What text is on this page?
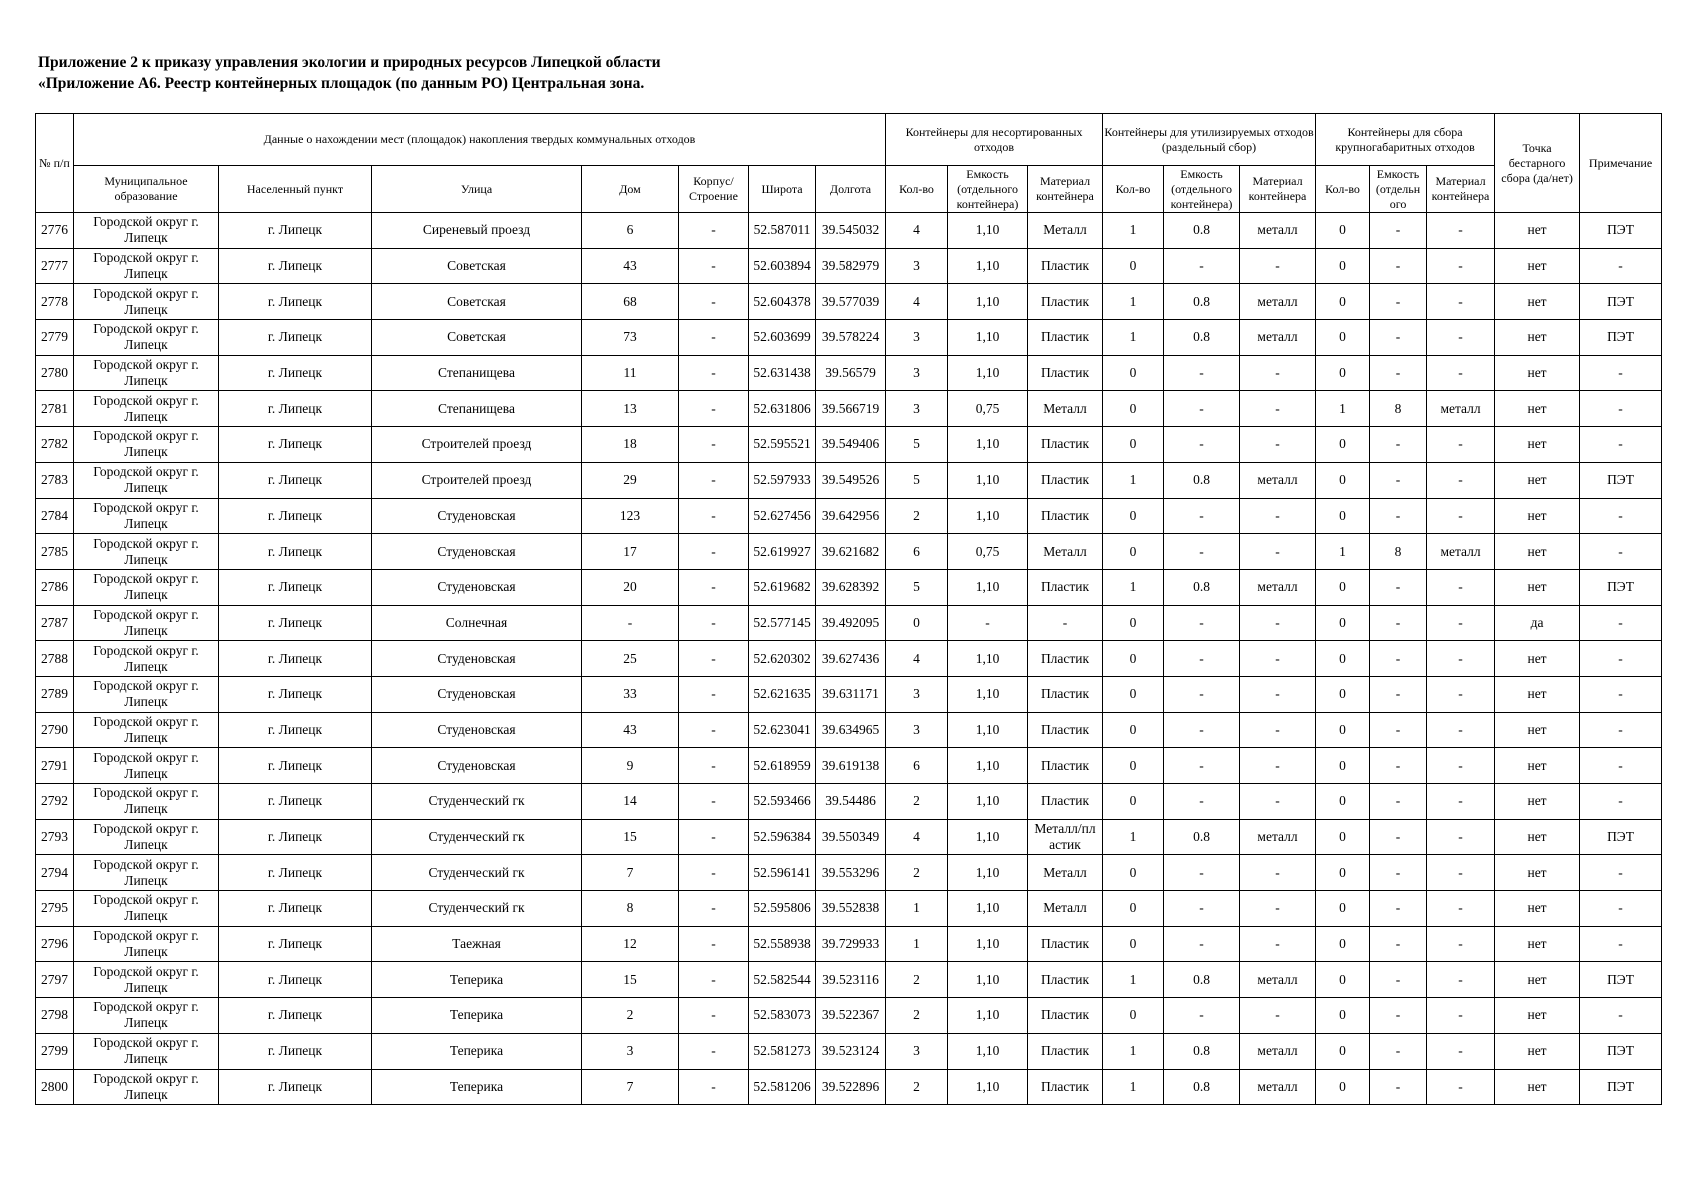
Приложение 2 к приказу управления экологии и природных ресурсов Липецкой области
«Приложение А6. Реестр контейнерных площадок (по данным РО) Центральная зона.
№ п/п	Данные о нахождении мест (площадок) накопления твердых коммунальных отходов							Контейнеры для несортированных отходов			Контейнеры для утилизируемых отходов (раздельный сбор)			Контейнеры для сбора крупногабаритных отходов			Точка бестарного сбора (да/нет)	Примечание
	Муниципальное образование	Населенный пункт	Улица	Дом	Корпус/ Строение	Широта	Долгота	Кол-во	Емкость (отдельного контейнера)	Материал контейнера	Кол-во	Емкость (отдельного контейнера)	Материал контейнера	Кол-во	Емкость (отдельн ого	Материал контейнера		
2776	Городской округ г. Липецк	г. Липецк	Сиреневый проезд	6	-	52.587011	39.545032	4	1,10	Металл	1	0.8	металл	0	-	-	нет	ПЭТ
2777	Городской округ г. Липецк	г. Липецк	Советская	43	-	52.603894	39.582979	3	1,10	Пластик	0	-	-	0	-	-	нет	-
2778	Городской округ г. Липецк	г. Липецк	Советская	68	-	52.604378	39.577039	4	1,10	Пластик	1	0.8	металл	0	-	-	нет	ПЭТ
2779	Городской округ г. Липецк	г. Липецк	Советская	73	-	52.603699	39.578224	3	1,10	Пластик	1	0.8	металл	0	-	-	нет	ПЭТ
2780	Городской округ г. Липецк	г. Липецк	Степанищева	11	-	52.631438	39.56579	3	1,10	Пластик	0	-	-	0	-	-	нет	-
2781	Городской округ г. Липецк	г. Липецк	Степанищева	13	-	52.631806	39.566719	3	0,75	Металл	0	-	-	1	8	металл	нет	-
2782	Городской округ г. Липецк	г. Липецк	Строителей проезд	18	-	52.595521	39.549406	5	1,10	Пластик	0	-	-	0	-	-	нет	-
2783	Городской округ г. Липецк	г. Липецк	Строителей проезд	29	-	52.597933	39.549526	5	1,10	Пластик	1	0.8	металл	0	-	-	нет	ПЭТ
2784	Городской округ г. Липецк	г. Липецк	Студеновская	123	-	52.627456	39.642956	2	1,10	Пластик	0	-	-	0	-	-	нет	-
2785	Городской округ г. Липецк	г. Липецк	Студеновская	17	-	52.619927	39.621682	6	0,75	Металл	0	-	-	1	8	металл	нет	-
2786	Городской округ г. Липецк	г. Липецк	Студеновская	20	-	52.619682	39.628392	5	1,10	Пластик	1	0.8	металл	0	-	-	нет	ПЭТ
2787	Городской округ г. Липецк	г. Липецк	Солнечная	-	-	52.577145	39.492095	0	-	-	0	-	-	0	-	-	да	-
2788	Городской округ г. Липецк	г. Липецк	Студеновская	25	-	52.620302	39.627436	4	1,10	Пластик	0	-	-	0	-	-	нет	-
2789	Городской округ г. Липецк	г. Липецк	Студеновская	33	-	52.621635	39.631171	3	1,10	Пластик	0	-	-	0	-	-	нет	-
2790	Городской округ г. Липецк	г. Липецк	Студеновская	43	-	52.623041	39.634965	3	1,10	Пластик	0	-	-	0	-	-	нет	-
2791	Городской округ г. Липецк	г. Липецк	Студеновская	9	-	52.618959	39.619138	6	1,10	Пластик	0	-	-	0	-	-	нет	-
2792	Городской округ г. Липецк	г. Липецк	Студенческий гк	14	-	52.593466	39.54486	2	1,10	Пластик	0	-	-	0	-	-	нет	-
2793	Городской округ г. Липецк	г. Липецк	Студенческий гк	15	-	52.596384	39.550349	4	1,10	Металл/пл астик	1	0.8	металл	0	-	-	нет	ПЭТ
2794	Городской округ г. Липецк	г. Липецк	Студенческий гк	7	-	52.596141	39.553296	2	1,10	Металл	0	-	-	0	-	-	нет	-
2795	Городской округ г. Липецк	г. Липецк	Студенческий гк	8	-	52.595806	39.552838	1	1,10	Металл	0	-	-	0	-	-	нет	-
2796	Городской округ г. Липецк	г. Липецк	Таежная	12	-	52.558938	39.729933	1	1,10	Пластик	0	-	-	0	-	-	нет	-
2797	Городской округ г. Липецк	г. Липецк	Теперика	15	-	52.582544	39.523116	2	1,10	Пластик	1	0.8	металл	0	-	-	нет	ПЭТ
2798	Городской округ г. Липецк	г. Липецк	Теперика	2	-	52.583073	39.522367	2	1,10	Пластик	0	-	-	0	-	-	нет	-
2799	Городской округ г. Липецк	г. Липецк	Теперика	3	-	52.581273	39.523124	3	1,10	Пластик	1	0.8	металл	0	-	-	нет	ПЭТ
2800	Городской округ г. Липецк	г. Липецк	Теперика	7	-	52.581206	39.522896	2	1,10	Пластик	1	0.8	металл	0	-	-	нет	ПЭТ
